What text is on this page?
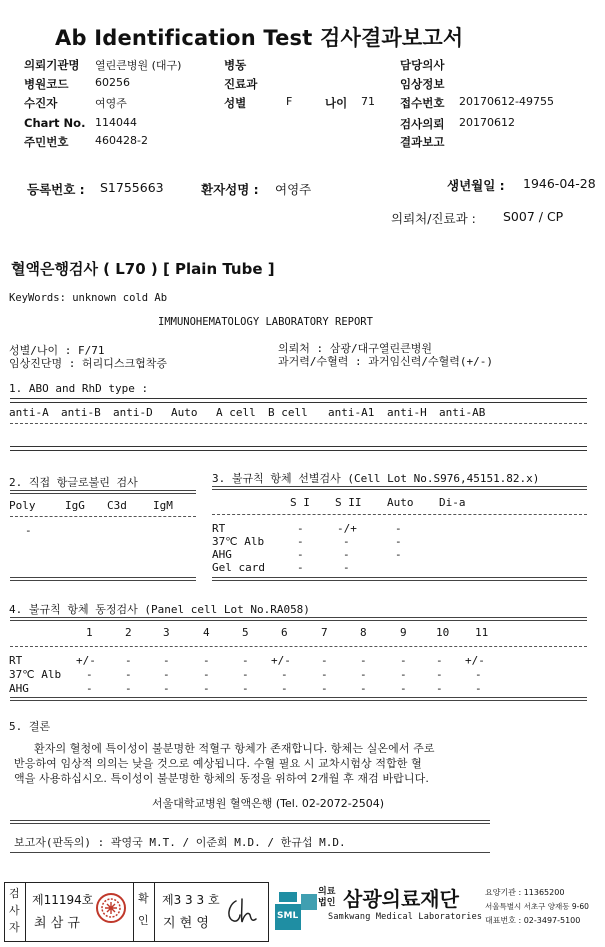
Ab Identification Test 검사결과보고서
의뢰기관명 열린큰병원 (대구)
병원코드 60256
수진자	여영주
Chart No. 114044
주민번호 460428-2
병동
진료과
성별	F	나이 71
담당의사
임상정보
접수번호 20170612-49755
검사의뢰 20170612
결과보고
등록번호 : S1755663	환자성명 : 여영주	생년월일 : 1946-04-28
의뢰처/진료과 : S007 / CP
혈액은행검사 ( L70 ) [ Plain Tube ]
KeyWords: unknown cold Ab
IMMUNOHEMATOLOGY LABORATORY REPORT
성별/나이 : F/71
임상진단명 : 허리디스크협착증
의뢰처 : 삼광/대구열린큰병원
과거력/수혈력 : 과거임신력/수혈력(+/-)
1. ABO and RhD type :
anti-A anti-B anti-D Auto A cell B cell anti-A1 anti-H anti-AB
2. 직접 항글로불린 검사
Poly	IgG C3d IgM
-
3. 불규칙 항체 선별검사 (Cell Lot No.S976,45151.82.x)
S I S II Auto Di-a
RT	-	-/+	-
37℃ Alb	-	-	-
AHG	-	-	-
Gel card	-	-
4. 불규칙 항체 동정검사 (Panel cell Lot No.RA058)
1	2	3	4	5	6	7	8	9	10 11
RT	+/-	-	-	-	- +/-	-	-	-	- +/-
37℃ Alb -	-	-	-	-	-	-	-	-	-	-
AHG	-	-	-	-	-	-	-	-	-	-	-
5. 결론
환자의 혈청에 특이성이 불분명한 적혈구 항체가 존재합니다. 항체는 실온에서 주로
반응하여 임상적 의의는 낮을 것으로 예상됩니다. 수혈 필요 시 교차시험상 적합한 혈
액을 사용하십시오. 특이성이 불분명한 항체의 동정을 위하여 2개월 후 재검 바랍니다.
서울대학교병원 혈액은행 (Tel. 02-2072-2504)
보고자(판독의) : 곽영국 M.T. / 이준희 M.D. / 한규섭 M.D.
검
사
자
제11194호
최 삼 규
확
인
제3 3 3 호
지 현 영	SML
의료
법인 삼광의료재단
Samkwang Medical Laboratories
요양기관 : 11365200
서울특별시 서초구 양재동 9-60
대표번호 : 02-3497-5100
